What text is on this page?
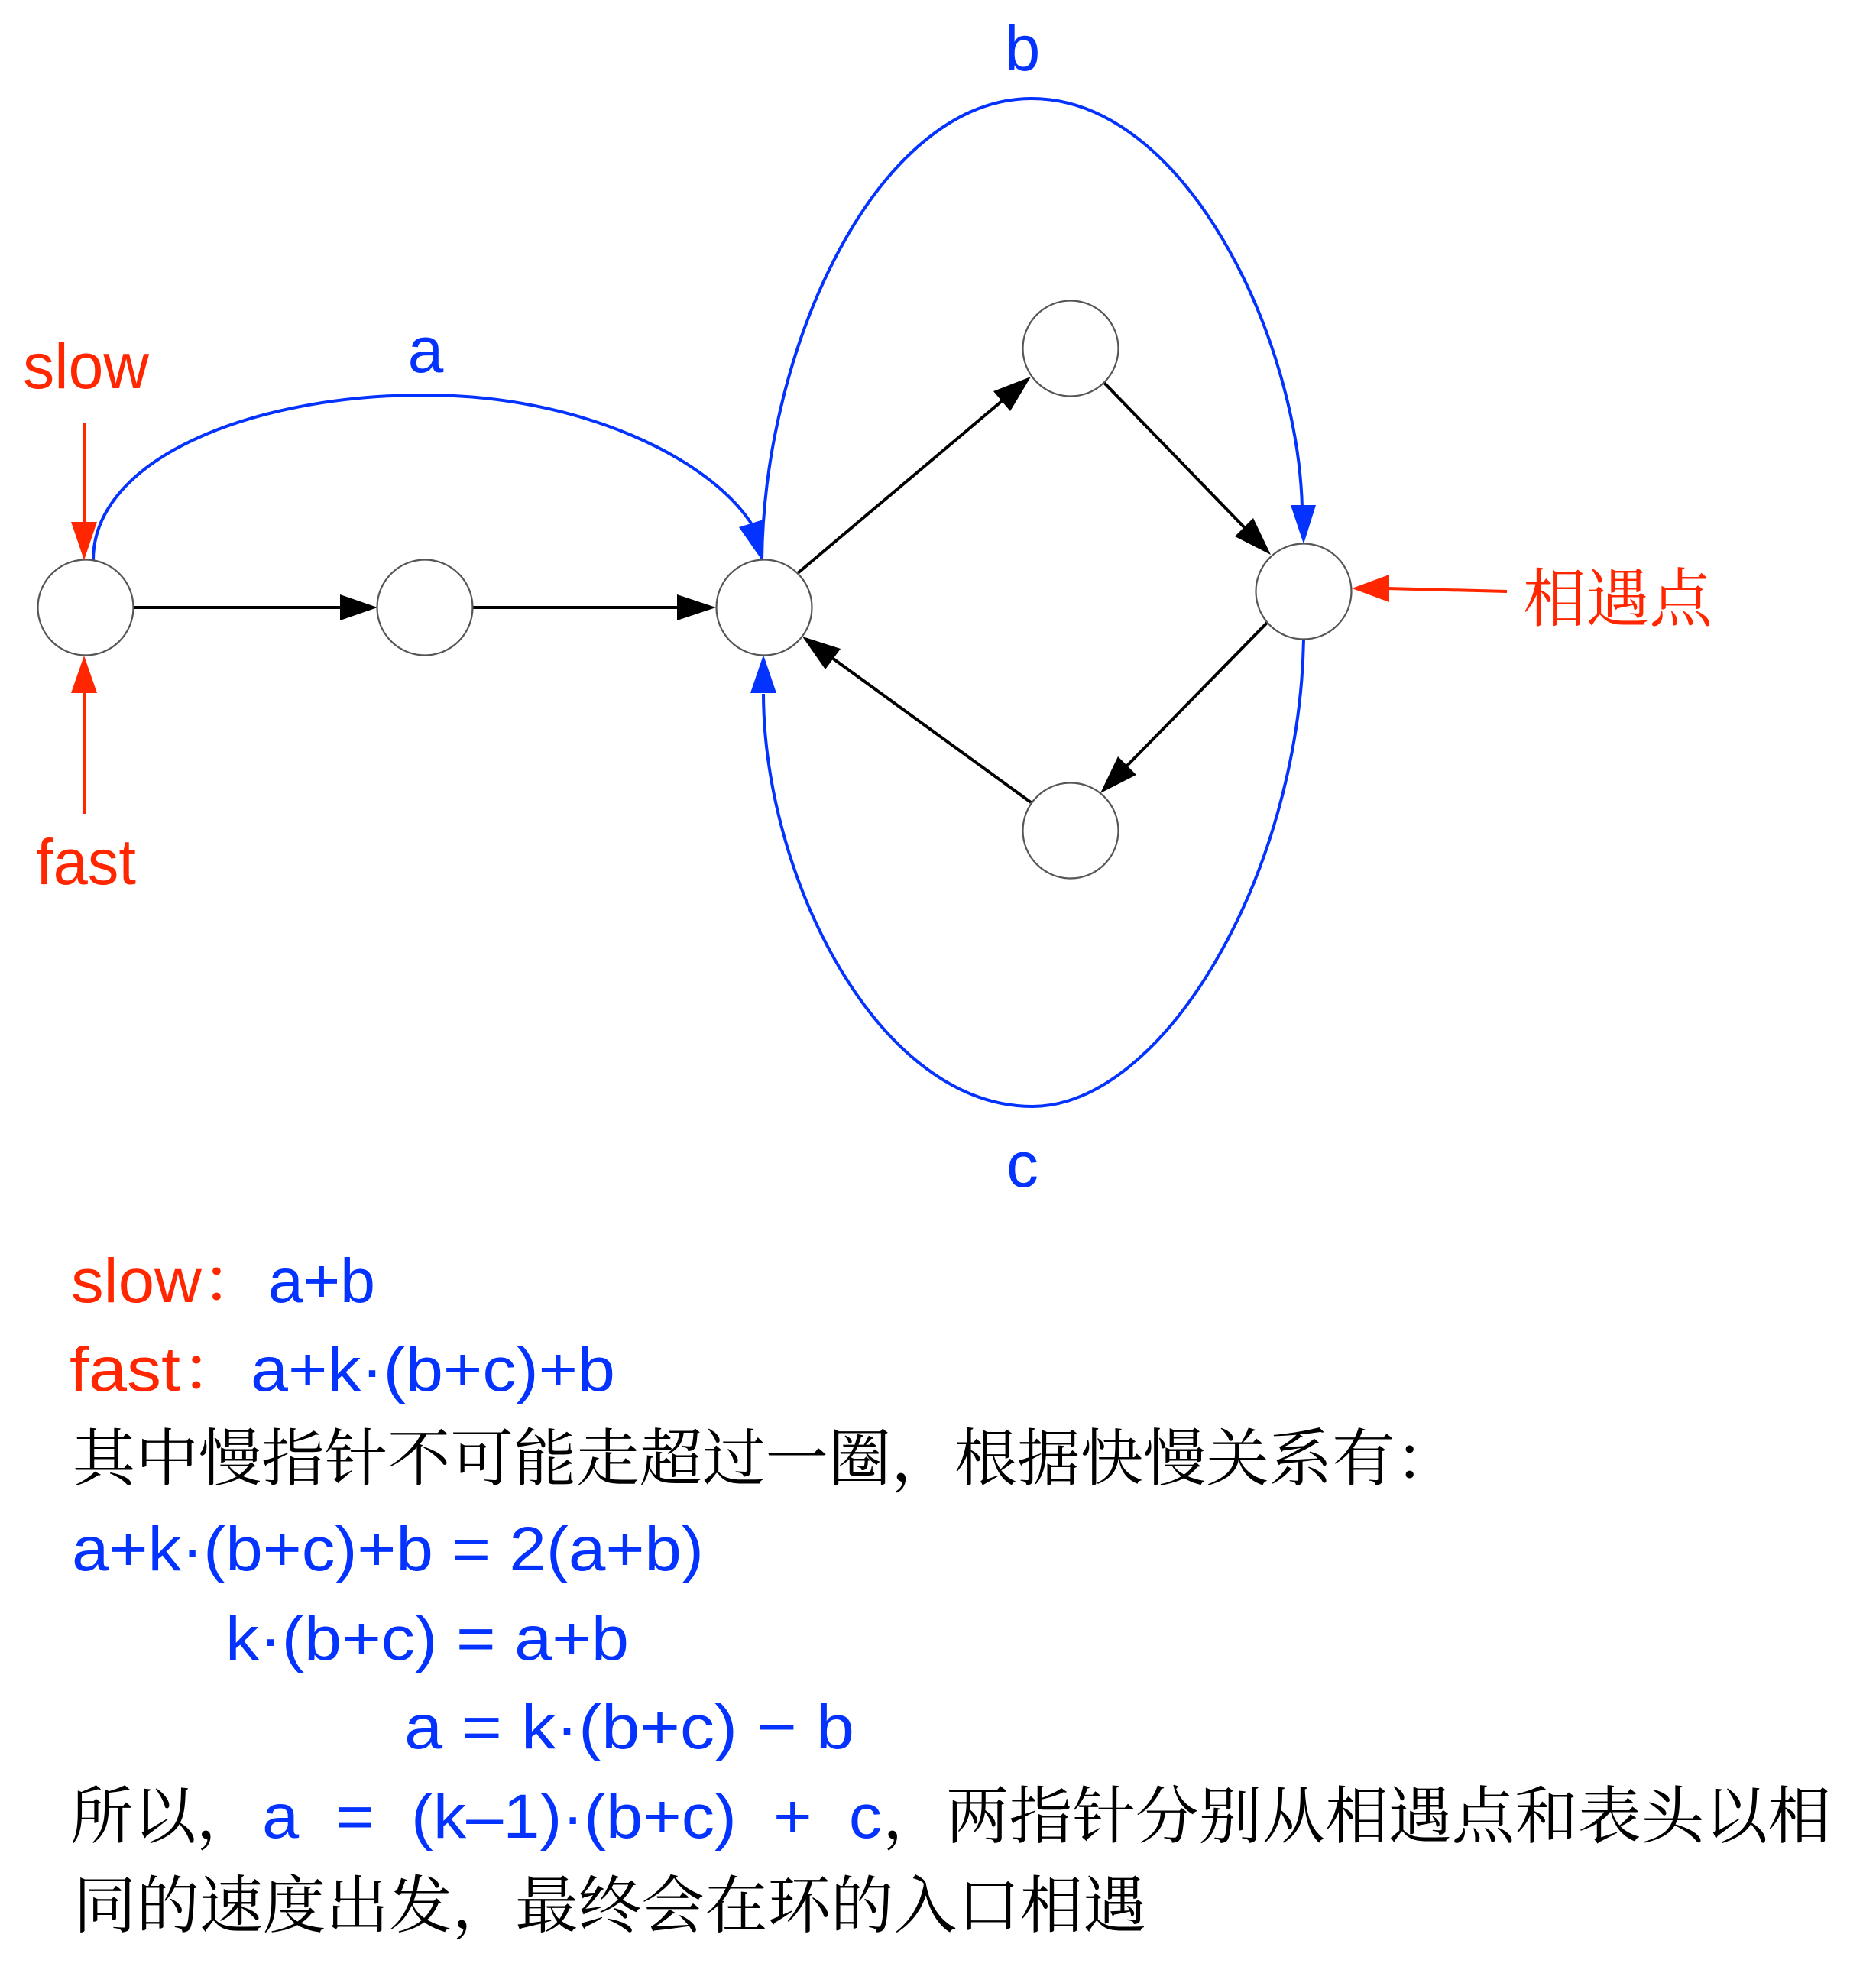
a
b
c
slow
fast
相遇点
slow： a+b
fast： a+k·(b+c)+b
其中慢指针不可能走超过一圈，根据快慢关系有：
a+k·(b+c)+b = 2(a+b)
k·(b+c) = a+b
a = k·(b+c) − b
所以， a  =  (k–1)·(b+c)  +  c ，两指针分别从相遇点和表头以相
同的速度出发，最终会在环的入口相遇
